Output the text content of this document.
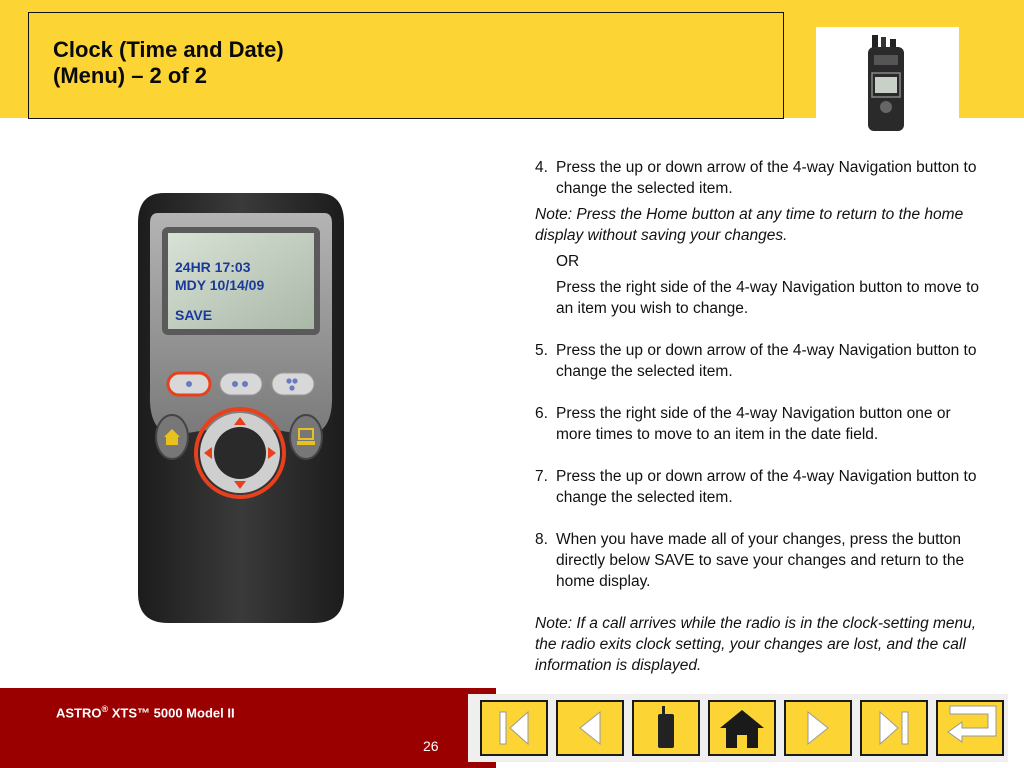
Clock (Time and Date)
(Menu) – 2 of 2
24HR 17:03
MDY 10/14/09
SAVE

4. Press the up or down arrow of the 4-way Navigation button to change the selected item.

Note: Press the Home button at any time to return to the home display without saving your changes.

OR

Press the right side of the 4-way Navigation button to move to an item you wish to change.

5. Press the up or down arrow of the 4-way Navigation button to change the selected item.

6. Press the right side of the 4-way Navigation button one or more times to move to an item in the date field.

7. Press the up or down arrow of the 4-way Navigation button to change the selected item.

8. When you have made all of your changes, press the button directly below SAVE to save your changes and return to the home display.

Note: If a call arrives while the radio is in the clock-setting menu, the radio exits clock setting, your changes are lost, and the call information is displayed.

ASTRO® XTS™ 5000 Model II
26
